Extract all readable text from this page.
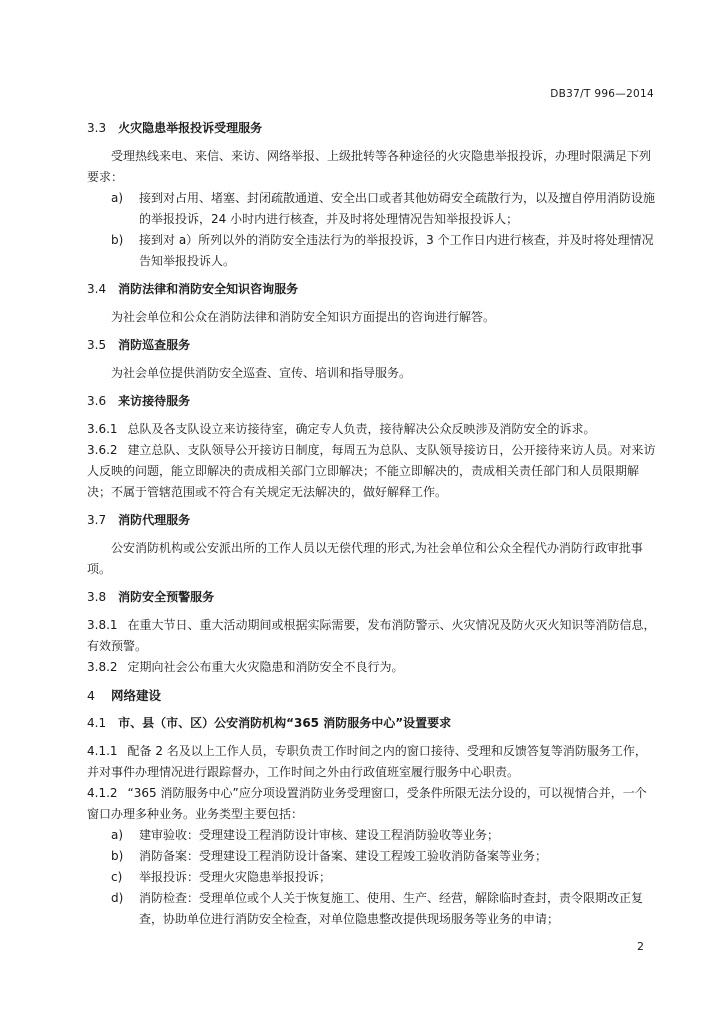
DB37/T 996—2014
3.3 火灾隐患举报投诉受理服务
受理热线来电、来信、来访、网络举报、上级批转等各种途径的火灾隐患举报投诉，办理时限满足下列要求：
a) 接到对占用、堵塞、封闭疏散通道、安全出口或者其他妨碍安全疏散行为，以及擅自停用消防设施的举报投诉，24 小时内进行核查，并及时将处理情况告知举报投诉人；
b) 接到对 a）所列以外的消防安全违法行为的举报投诉，3 个工作日内进行核查，并及时将处理情况告知举报投诉人。
3.4 消防法律和消防安全知识咨询服务
为社会单位和公众在消防法律和消防安全知识方面提出的咨询进行解答。
3.5 消防巡查服务
为社会单位提供消防安全巡查、宣传、培训和指导服务。
3.6 来访接待服务
3.6.1 总队及各支队设立来访接待室，确定专人负责，接待解决公众反映涉及消防安全的诉求。
3.6.2 建立总队、支队领导公开接访日制度，每周五为总队、支队领导接访日，公开接待来访人员。对来访人反映的问题，能立即解决的责成相关部门立即解决；不能立即解决的，责成相关责任部门和人员限期解决；不属于管辖范围或不符合有关规定无法解决的，做好解释工作。
3.7 消防代理服务
公安消防机构或公安派出所的工作人员以无偿代理的形式,为社会单位和公众全程代办消防行政审批事项。
3.8 消防安全预警服务
3.8.1 在重大节日、重大活动期间或根据实际需要，发布消防警示、火灾情况及防火灭火知识等消防信息，有效预警。
3.8.2 定期向社会公布重大火灾隐患和消防安全不良行为。
4 网络建设
4.1 市、县（市、区）公安消防机构“365 消防服务中心”设置要求
4.1.1 配备 2 名及以上工作人员，专职负责工作时间之内的窗口接待、受理和反馈答复等消防服务工作，并对事件办理情况进行跟踪督办，工作时间之外由行政值班室履行服务中心职责。
4.1.2 “365 消防服务中心”应分项设置消防业务受理窗口，受条件所限无法分设的，可以视情合并，一个窗口办理多种业务。业务类型主要包括：
a) 建审验收：受理建设工程消防设计审核、建设工程消防验收等业务；
b) 消防备案：受理建设工程消防设计备案、建设工程竣工验收消防备案等业务；
c) 举报投诉：受理火灾隐患举报投诉；
d) 消防检查：受理单位或个人关于恢复施工、使用、生产、经营，解除临时查封，责令限期改正复查，协助单位进行消防安全检查，对单位隐患整改提供现场服务等业务的申请；
2
